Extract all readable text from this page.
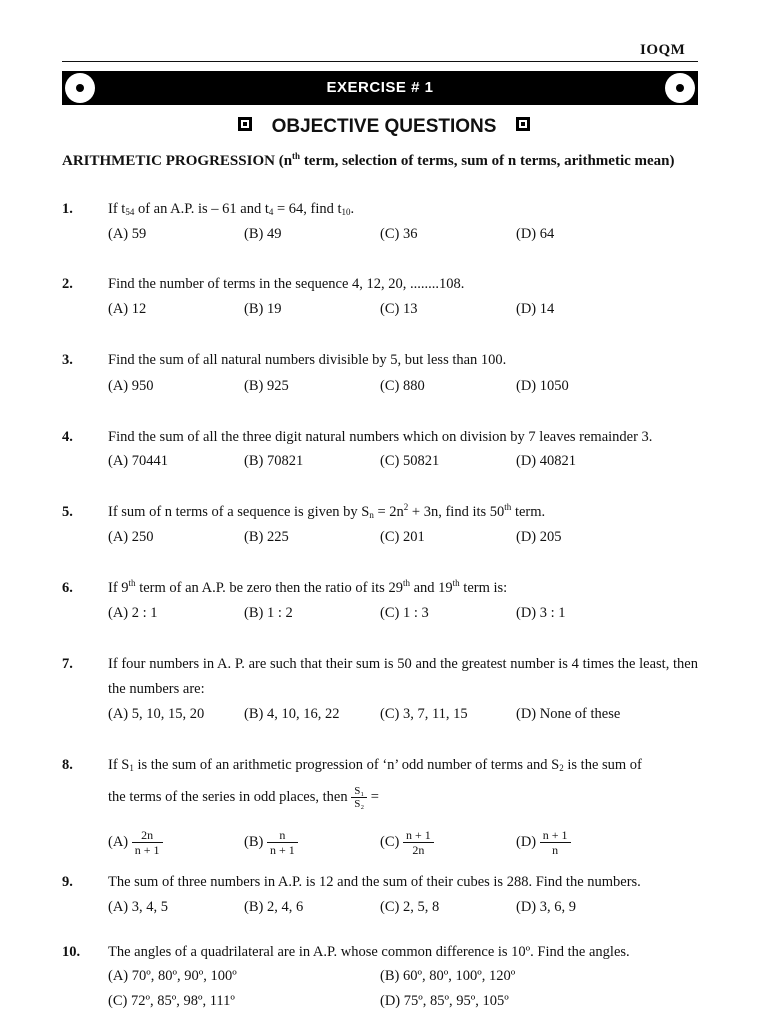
IOQM
EXERCISE # 1
OBJECTIVE QUESTIONS
ARITHMETIC PROGRESSION ($n^{th}$ term, selection of terms, sum of n terms, arithmetic mean)
1. If $t_{54}$ of an A.P. is – 61 and $t_4 = 64$, find $t_{10}$.
(A) 59	(B) 49	(C) 36	(D) 64
2. Find the number of terms in the sequence 4, 12, 20, ........108.
(A) 12	(B) 19	(C) 13	(D) 14
3. Find the sum of all natural numbers divisible by 5, but less than 100.
(A) 950	(B) 925	(C) 880	(D) 1050
4. Find the sum of all the three digit natural numbers which on division by 7 leaves remainder 3.
(A) 70441	(B) 70821	(C) 50821	(D) 40821
5. If sum of n terms of a sequence is given by $S_n = 2n^2 + 3n$, find its 50th term.
(A) 250	(B) 225	(C) 201	(D) 205
6. If 9th term of an A.P. be zero then the ratio of its 29th and 19th term is:
(A) 2 : 1	(B) 1 : 2	(C) 1 : 3	(D) 3 : 1
7. If four numbers in A. P. are such that their sum is 50 and the greatest number is 4 times the least, then the numbers are:
(A) 5, 10, 15, 20	(B) 4, 10, 16, 22	(C) 3, 7, 11, 15	(D) None of these
8. If $S_1$ is the sum of an arithmetic progression of ‘n’ odd number of terms and $S_2$ is the sum of
the terms of the series in odd places, then $\frac{\text{S₁}}{\text{S₂}}$ =
$(A) \frac{2n}{n + 1}$	$(B) \frac{n}{n + 1}$	$(C) \frac{n + 1}{2n}$	$(D) \frac{n + 1}{n}$
9. The sum of three numbers in A.P. is 12 and the sum of their cubes is 288. Find the numbers.
(A) 3, 4, 5	(B) 2, 4, 6	(C) 2, 5, 8	(D) 3, 6, 9
10. The angles of a quadrilateral are in A.P. whose common difference is 10º. Find the angles.
(A) 70º, 80º, 90º, 100º	(B) 60º, 80º, 100º, 120º
(C) 72º, 85º, 98º, 111º	(D) 75º, 85º, 95º, 105º
